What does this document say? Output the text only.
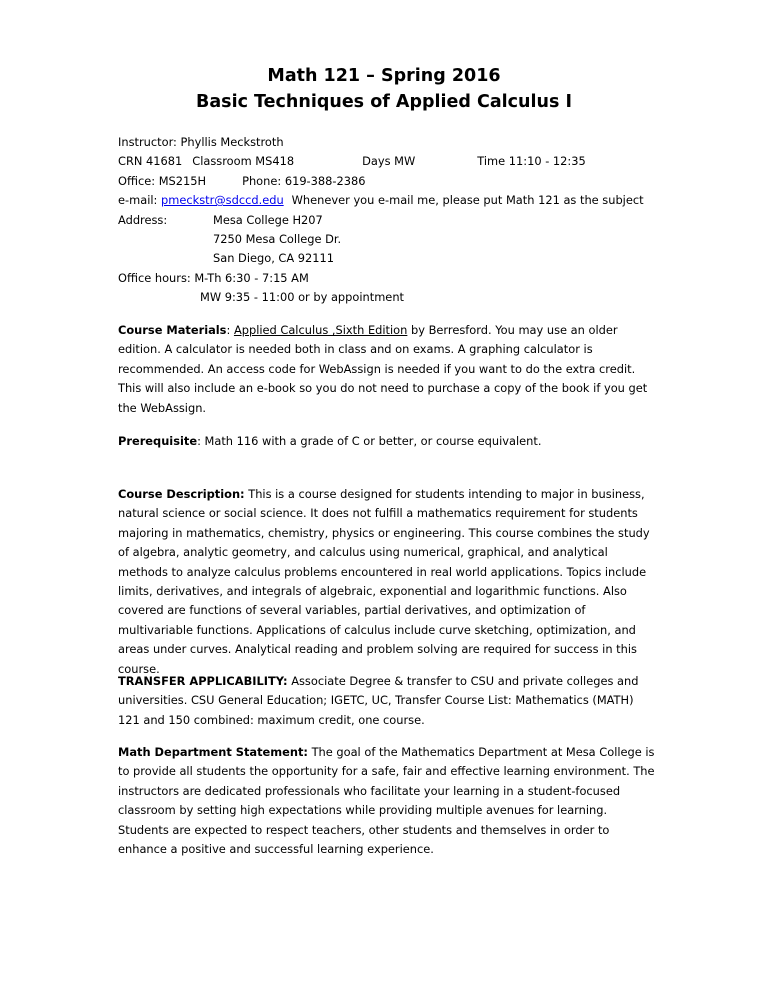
Math 121 – Spring 2016
Basic Techniques of Applied Calculus I
Instructor: Phyllis Meckstroth
CRN 41681 Classroom MS418	Days MW	Time 11:10 - 12:35
Office: MS215H	Phone: 619-388-2386
e-mail: pmeckstr@sdccd.edu Whenever you e-mail me, please put Math 121 as the subject
Address:	Mesa College H207
7250 Mesa College Dr.
San Diego, CA 92111
Office hours: M-Th 6:30 - 7:15 AM
MW 9:35 - 11:00 or by appointment

Course Materials: Applied Calculus ,Sixth Edition by Berresford. You may use an older edition. A calculator is needed both in class and on exams. A graphing calculator is recommended. An access code for WebAssign is needed if you want to do the extra credit. This will also include an e-book so you do not need to purchase a copy of the book if you get the WebAssign.

Prerequisite: Math 116 with a grade of C or better, or course equivalent.

Course Description: This is a course designed for students intending to major in business, natural science or social science. It does not fulfill a mathematics requirement for students majoring in mathematics, chemistry, physics or engineering. This course combines the study of algebra, analytic geometry, and calculus using numerical, graphical, and analytical methods to analyze calculus problems encountered in real world applications. Topics include limits, derivatives, and integrals of algebraic, exponential and logarithmic functions. Also covered are functions of several variables, partial derivatives, and optimization of multivariable functions. Applications of calculus include curve sketching, optimization, and areas under curves. Analytical reading and problem solving are required for success in this course.

TRANSFER APPLICABILITY: Associate Degree & transfer to CSU and private colleges and universities. CSU General Education; IGETC, UC, Transfer Course List: Mathematics (MATH) 121 and 150 combined: maximum credit, one course.

Math Department Statement: The goal of the Mathematics Department at Mesa College is to provide all students the opportunity for a safe, fair and effective learning environment. The instructors are dedicated professionals who facilitate your learning in a student-focused classroom by setting high expectations while providing multiple avenues for learning. Students are expected to respect teachers, other students and themselves in order to enhance a positive and successful learning experience.
